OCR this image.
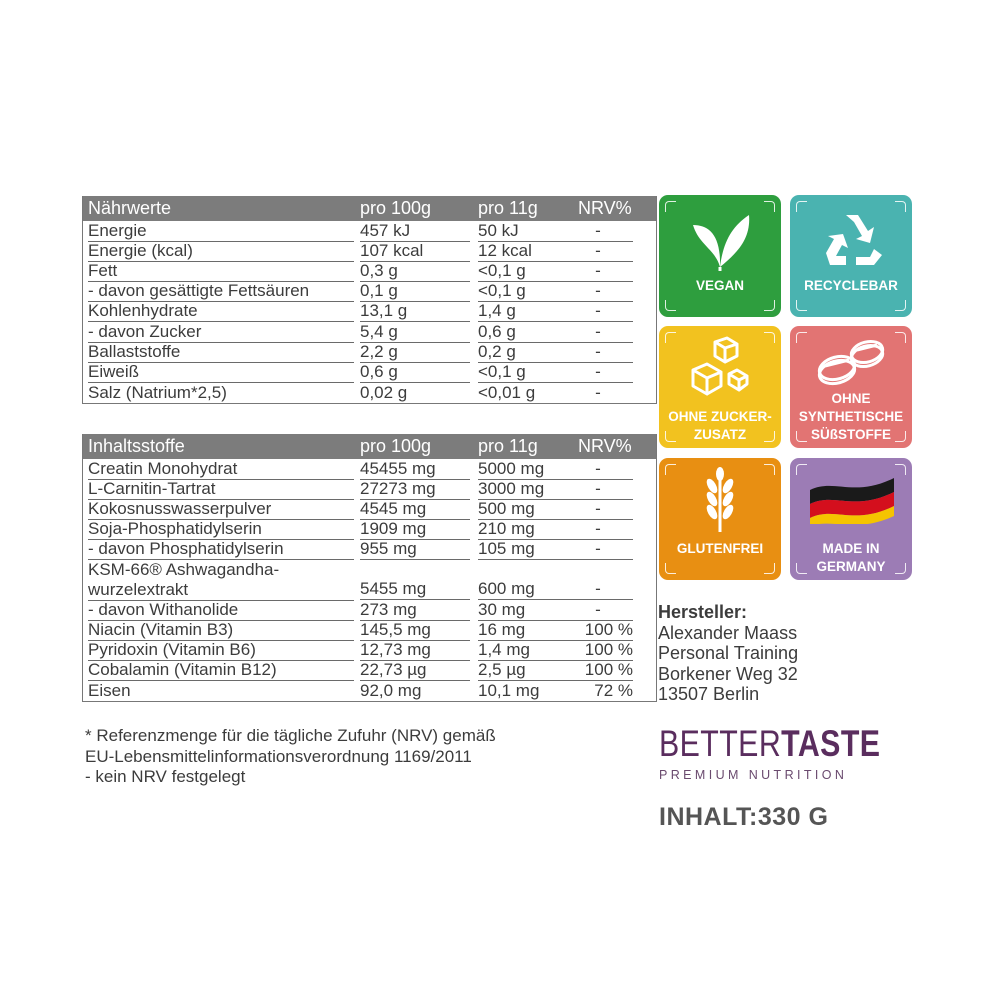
Nährwerte	pro 100g	pro 11g NRV%
Energie	457 kJ	50 kJ	-
Energie (kcal)	107 kcal	12 kcal	-
Fett	0,3 g	<0,1 g	-
- davon gesättigte Fettsäuren	0,1 g	<0,1 g	-
Kohlenhydrate	13,1 g	1,4 g	-
- davon Zucker	5,4 g	0,6 g	-
Ballaststoffe	2,2 g	0,2 g	-
Eiweiß	0,6 g	<0,1 g	-
Salz (Natrium*2,5)	0,02 g	<0,01 g	-
Inhaltsstoffe	pro 100g	pro 11g NRV%
Creatin Monohydrat	45455 mg	5000 mg	-
L-Carnitin-Tartrat	27273 mg	3000 mg	-
Kokosnusswasserpulver	4545 mg	500 mg	-
Soja-Phosphatidylserin	1909 mg	210 mg	-
- davon Phosphatidylserin	955 mg	105 mg	-
KSM-66® Ashwagandha-
wurzelextrakt	5455 mg	600 mg	-
- davon Withanolide	273 mg	30 mg	-
Niacin (Vitamin B3)	145,5 mg	16 mg	100 %
Pyridoxin (Vitamin B6)	12,73 mg	1,4 mg	100 %
Cobalamin (Vitamin B12)	22,73 µg	2,5 µg	100 %
Eisen	92,0 mg	10,1 mg	72 %
VEGAN	RECYCLEBAR
OHNE ZUCKER-
ZUSATZ
OHNE
SYNTHETISCHE
SÜßSTOFFE
GLUTENFREI	MADE IN
GERMANY
Hersteller:
Alexander Maass
Personal Training
Borkener Weg 32
13507 Berlin
* Referenzmenge für die tägliche Zufuhr (NRV) gemäß
EU-Lebensmittelinformationsverordnung 1169/2011
- kein NRV festgelegt
BETTERTASTE
PREMIUM NUTRITION
INHALT:330 G
